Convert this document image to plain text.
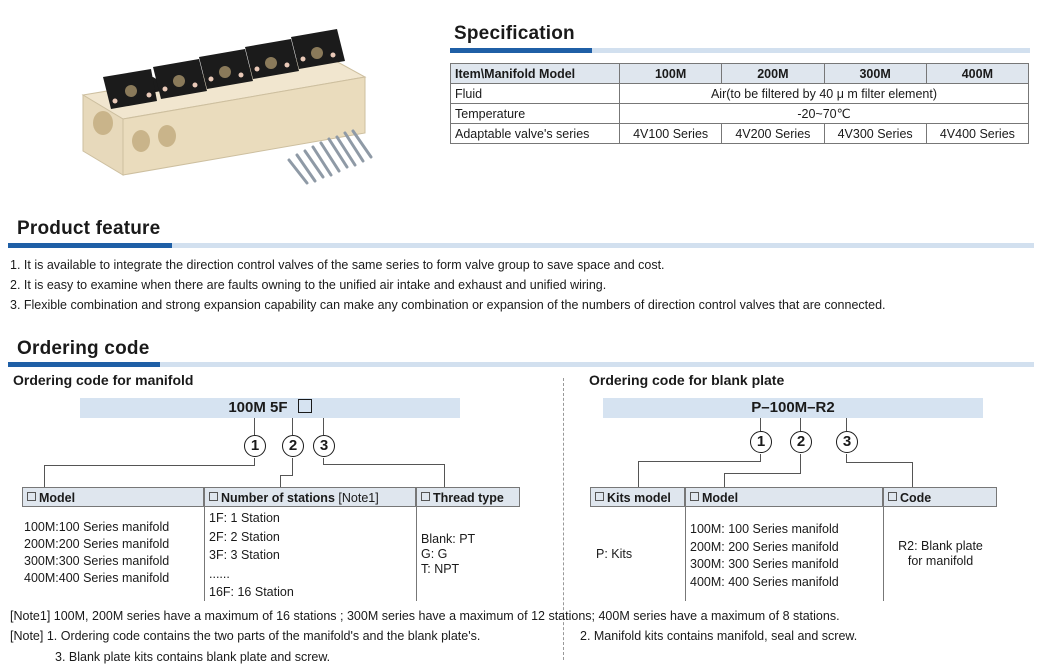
Specification
Item\Manifold Model	100M	200M	300M	400M
Fluid	Air(to be filtered by 40 μ m filter element)			
Temperature	-20~70℃			
Adaptable valve's series	4V100 Series	4V200 Series	4V300 Series	4V400 Series
Product feature
1. It is available to integrate the direction control valves of the same series to form valve group to save space and cost.
2. It is easy to examine when there are faults owning to the unified air intake and exhaust and unified wiring.
3. Flexible combination and strong expansion capability can make any combination or expansion of the numbers of direction control valves that are connected.
Ordering code
Ordering code for manifold
100M 5F
1	2	3
Model	Number of stations [Note1]	Thread type
100M:100 Series manifold
200M:200 Series manifold
300M:300 Series manifold
400M:400 Series manifold
1F: 1 Station
2F: 2 Station
3F: 3 Station
......
16F: 16 Station
Blank: PT
G: G
T: NPT
Ordering code for blank plate
P–100M–R2
1	2	3
Kits model	Model	Code
P: Kits
100M: 100 Series manifold
200M: 200 Series manifold
300M: 300 Series manifold
400M: 400 Series manifold
R2: Blank plate
for manifold
[Note1] 100M, 200M series have a maximum of 16 stations ; 300M series have a maximum of 12 stations; 400M series have a maximum of 8 stations.
[Note] 1. Ordering code contains the two parts of the manifold's and the blank plate's.	2. Manifold kits contains manifold, seal and screw.
3. Blank plate kits contains blank plate and screw.
